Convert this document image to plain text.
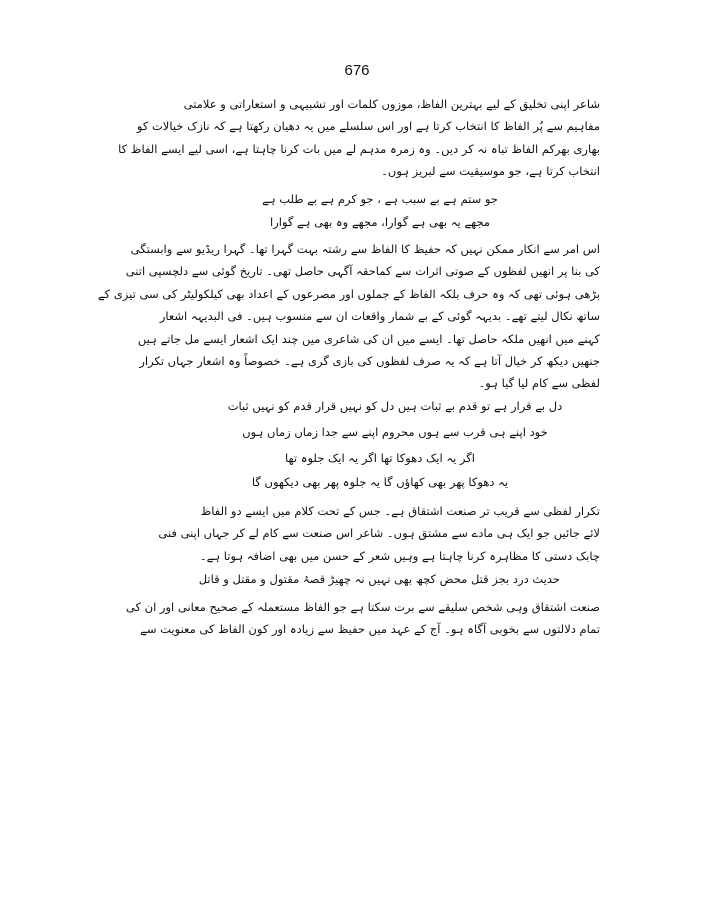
676
شاعر اپنی تخلیق کے لیے بہترین الفاظ، موزوں کلمات اور تشبیہی و استعاراتی و علامتی
مفاہیم سے پُر الفاظ کا انتخاب کرتا ہے اور اس سلسلے میں یہ دھیان رکھتا ہے کہ نازک خیالات کو
بھاری بھرکم الفاظ تباہ نہ کر دیں۔ وہ زمرہ مدہم لے میں بات کرنا چاہتا ہے، اسی لیے ایسے الفاظ کا
انتخاب کرتا ہے، جو موسیقیت سے لبریز ہوں۔
جو ستم ہے بے سبب ہے ، جو کرم ہے بے طلب ہے
مجھے یہ بھی ہے گوارا، مجھے وہ بھی ہے گوارا
اس امر سے انکار ممکن نہیں کہ حفیظ کا الفاظ سے رشتہ بہت گہرا تھا۔ گہرا ریڈیو سے وابستگی
کی بنا پر انھیں لفظوں کے صوتی اثرات سے کماحقہ آگہی حاصل تھی۔ تاریخ گوئی سے دلچسپی اتنی
بڑھی ہوئی تھی کہ وہ حرف بلکہ الفاظ کے جملوں اور مصرعوں کے اعداد بھی کیلکولیٹر کی سی تیزی کے
ساتھ نکال لیتے تھے۔ بدیہہ گوئی کے بے شمار واقعات ان سے منسوب ہیں۔ فی البدیہہ اشعار
کہنے میں انھیں ملکہ حاصل تھا۔ ایسے میں ان کی شاعری میں چند ایک اشعار ایسے مل جاتے ہیں
جنھیں دیکھ کر خیال آتا ہے کہ یہ صرف لفظوں کی بازی گری ہے۔ خصوصاً وہ اشعار جہاں تکرار
لفظی سے کام لیا گیا ہو۔
دل بے قرار ہے تو قدم بے ثبات ہیں دل کو نہیں قرار قدم کو نہیں ثبات
خود اپنے ہی قرب سے ہوں محروم اپنے سے جدا زماں زماں ہوں
اگر یہ ایک دھوکا تھا اگر یہ ایک جلوہ تھا
یہ دھوکا پھر بھی کھاؤں گا یہ جلوہ پھر بھی دیکھوں گا
تکرار لفظی سے قریب تر صنعت اشتقاق ہے۔ جس کے تحت کلام میں ایسے دو الفاظ
لائے جائیں جو ایک ہی مادے سے مشتق ہوں۔ شاعر اس صنعت سے کام لے کر جہاں اپنی فنی
چابک دستی کا مظاہرہ کرنا چاہتا ہے وہیں شعر کے حسن میں بھی اضافہ ہوتا ہے۔
حدیث درد بجز قتل محض کچھ بھی نہیں نہ چھیڑ قصۂ مقتول و مقتل و قاتل
صنعت اشتقاق وہی شخص سلیقے سے برت سکتا ہے جو الفاظ مستعملہ کے صحیح معانی اور ان کی
تمام دلالتوں سے بخوبی آگاہ ہو۔ آج کے عہد میں حفیظ سے زیادہ اور کون الفاظ کی معنویت سے
